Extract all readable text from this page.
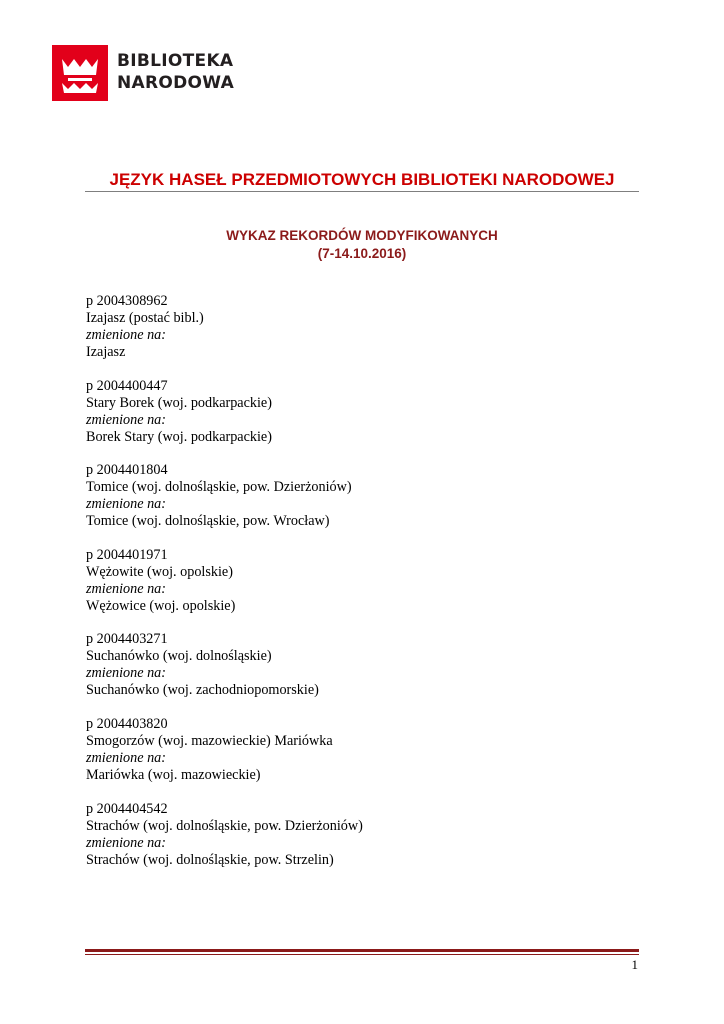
BIBLIOTEKA
NARODOWA
JĘZYK HASEŁ PRZEDMIOTOWYCH BIBLIOTEKI NARODOWEJ
WYKAZ REKORDÓW MODYFIKOWANYCH
(7-14.10.2016)
p 2004308962
Izajasz (postać bibl.)
zmienione na:
Izajasz
p 2004400447
Stary Borek (woj. podkarpackie)
zmienione na:
Borek Stary (woj. podkarpackie)
p 2004401804
Tomice (woj. dolnośląskie, pow. Dzierżoniów)
zmienione na:
Tomice (woj. dolnośląskie, pow. Wrocław)
p 2004401971
Wężowite (woj. opolskie)
zmienione na:
Wężowice (woj. opolskie)
p 2004403271
Suchanówko (woj. dolnośląskie)
zmienione na:
Suchanówko (woj. zachodniopomorskie)
p 2004403820
Smogorzów (woj. mazowieckie) Mariówka
zmienione na:
Mariówka (woj. mazowieckie)
p 2004404542
Strachów (woj. dolnośląskie, pow. Dzierżoniów)
zmienione na:
Strachów (woj. dolnośląskie, pow. Strzelin)
1
